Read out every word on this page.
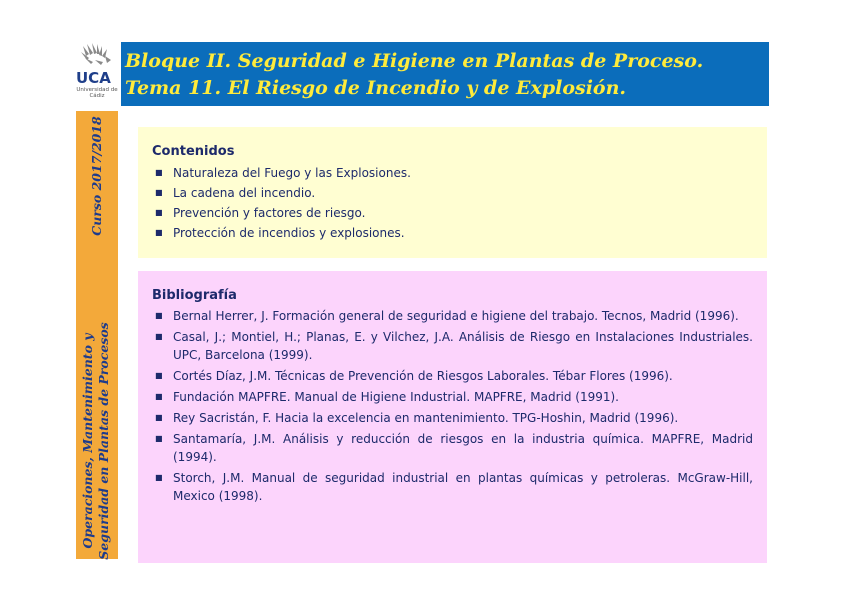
UCA
Universidad de Cádiz
Bloque II. Seguridad e Higiene en Plantas de Proceso.
Tema 11. El Riesgo de Incendio y de Explosión.
Curso 2017/2018
Operaciones, Mantenimiento y Seguridad en Plantas de Procesos
Contenidos
■ Naturaleza del Fuego y las Explosiones.
■ La cadena del incendio.
■ Prevención y factores de riesgo.
■ Protección de incendios y explosiones.
Bibliografía
■ Bernal Herrer, J. Formación general de seguridad e higiene del trabajo. Tecnos, Madrid (1996).
■ Casal, J.; Montiel, H.; Planas, E. y Vilchez, J.A. Análisis de Riesgo en Instalaciones Industriales. UPC, Barcelona (1999).
■ Cortés Díaz, J.M. Técnicas de Prevención de Riesgos Laborales. Tébar Flores (1996).
■ Fundación MAPFRE. Manual de Higiene Industrial. MAPFRE, Madrid (1991).
■ Rey Sacristán, F. Hacia la excelencia en mantenimiento. TPG-Hoshin, Madrid (1996).
■ Santamaría, J.M. Análisis y reducción de riesgos en la industria química. MAPFRE, Madrid (1994).
■ Storch, J.M. Manual de seguridad industrial en plantas químicas y petroleras. McGraw-Hill, Mexico (1998).
